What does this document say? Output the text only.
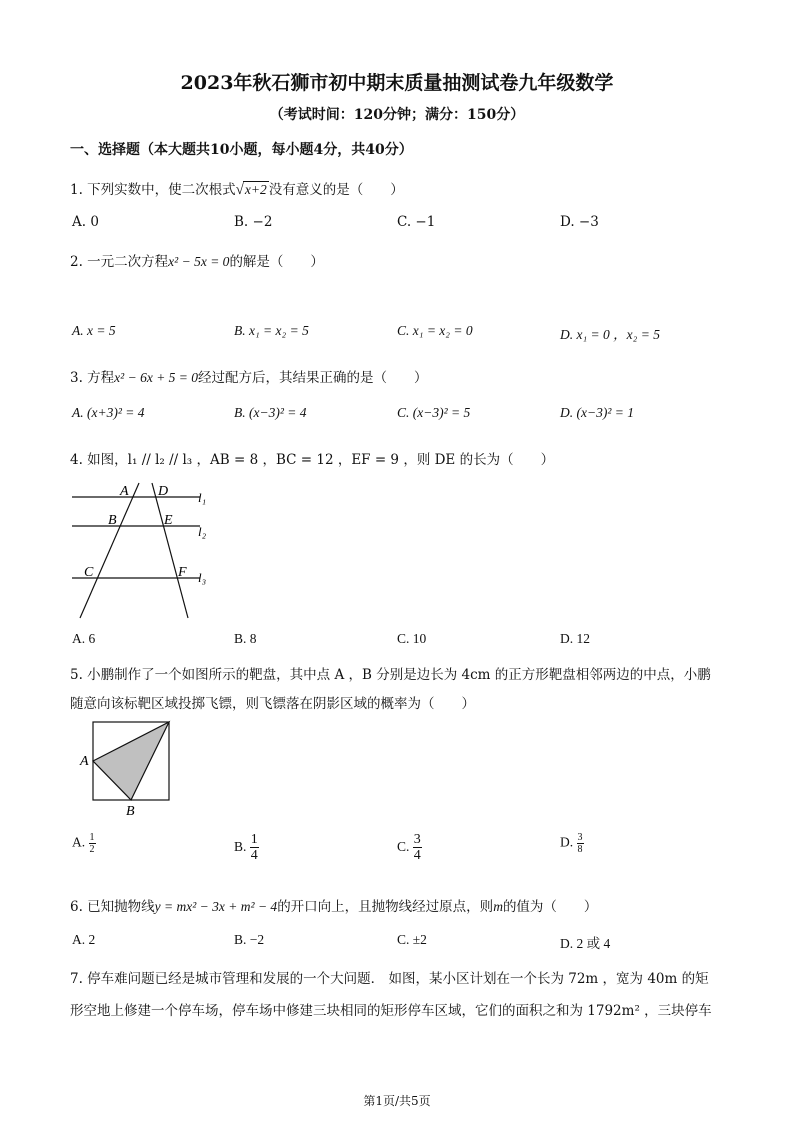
2023年秋石狮市初中期末质量抽测试卷九年级数学
（考试时间：120分钟；满分：150分）
一、选择题（本大题共10小题，每小题4分，共40分）
1. 下列实数中，使二次根式√x+2 没有意义的是（　　）
A. 0	B. −2	C. −1	D. −3
2. 一元二次方程x² − 5x = 0的解是（　　）
A. x = 5	B. x₁ = x₂ = 5	C. x₁ = x₂ = 0	D. x₁ = 0 ，x₂ = 5
3. 方程x² − 6x + 5 = 0经过配方后，其结果正确的是（　　）
A. (x+3)² = 4	B. (x−3)² = 4	C. (x−3)² = 5	D. (x−3)² = 1
4. 如图，l₁ // l₂ // l₃ ，AB = 8 ，BC = 12 ，EF = 9 ，则 DE 的长为（　　）
A D
B	E
C	F
l₁
l₂
l₃
A. 6	B. 8	C. 10	D. 12
5. 小鹏制作了一个如图所示的靶盘，其中点 A ，B 分别是边长为 4cm 的正方形靶盘相邻两边的中点，小鹏
随意向该标靶区域投掷飞镖，则飞镖落在阴影区域的概率为（　　）
A
B
A. $\frac{1}{2}$	B. $\frac{1}{4}$	C. $\frac{3}{4}$	D. $\frac{3}{8}$
6. 已知抛物线y = mx² − 3x + m² − 4的开口向上，且抛物线经过原点，则m的值为（　　）
A. 2	B. −2	C. ±2	D. 2 或 4
7. 停车难问题已经是城市管理和发展的一个大问题． 如图，某小区计划在一个长为 72m ，宽为 40m 的矩
形空地上修建一个停车场，停车场中修建三块相同的矩形停车区域，它们的面积之和为 1792m² ，三块停车
第1页/共5页
